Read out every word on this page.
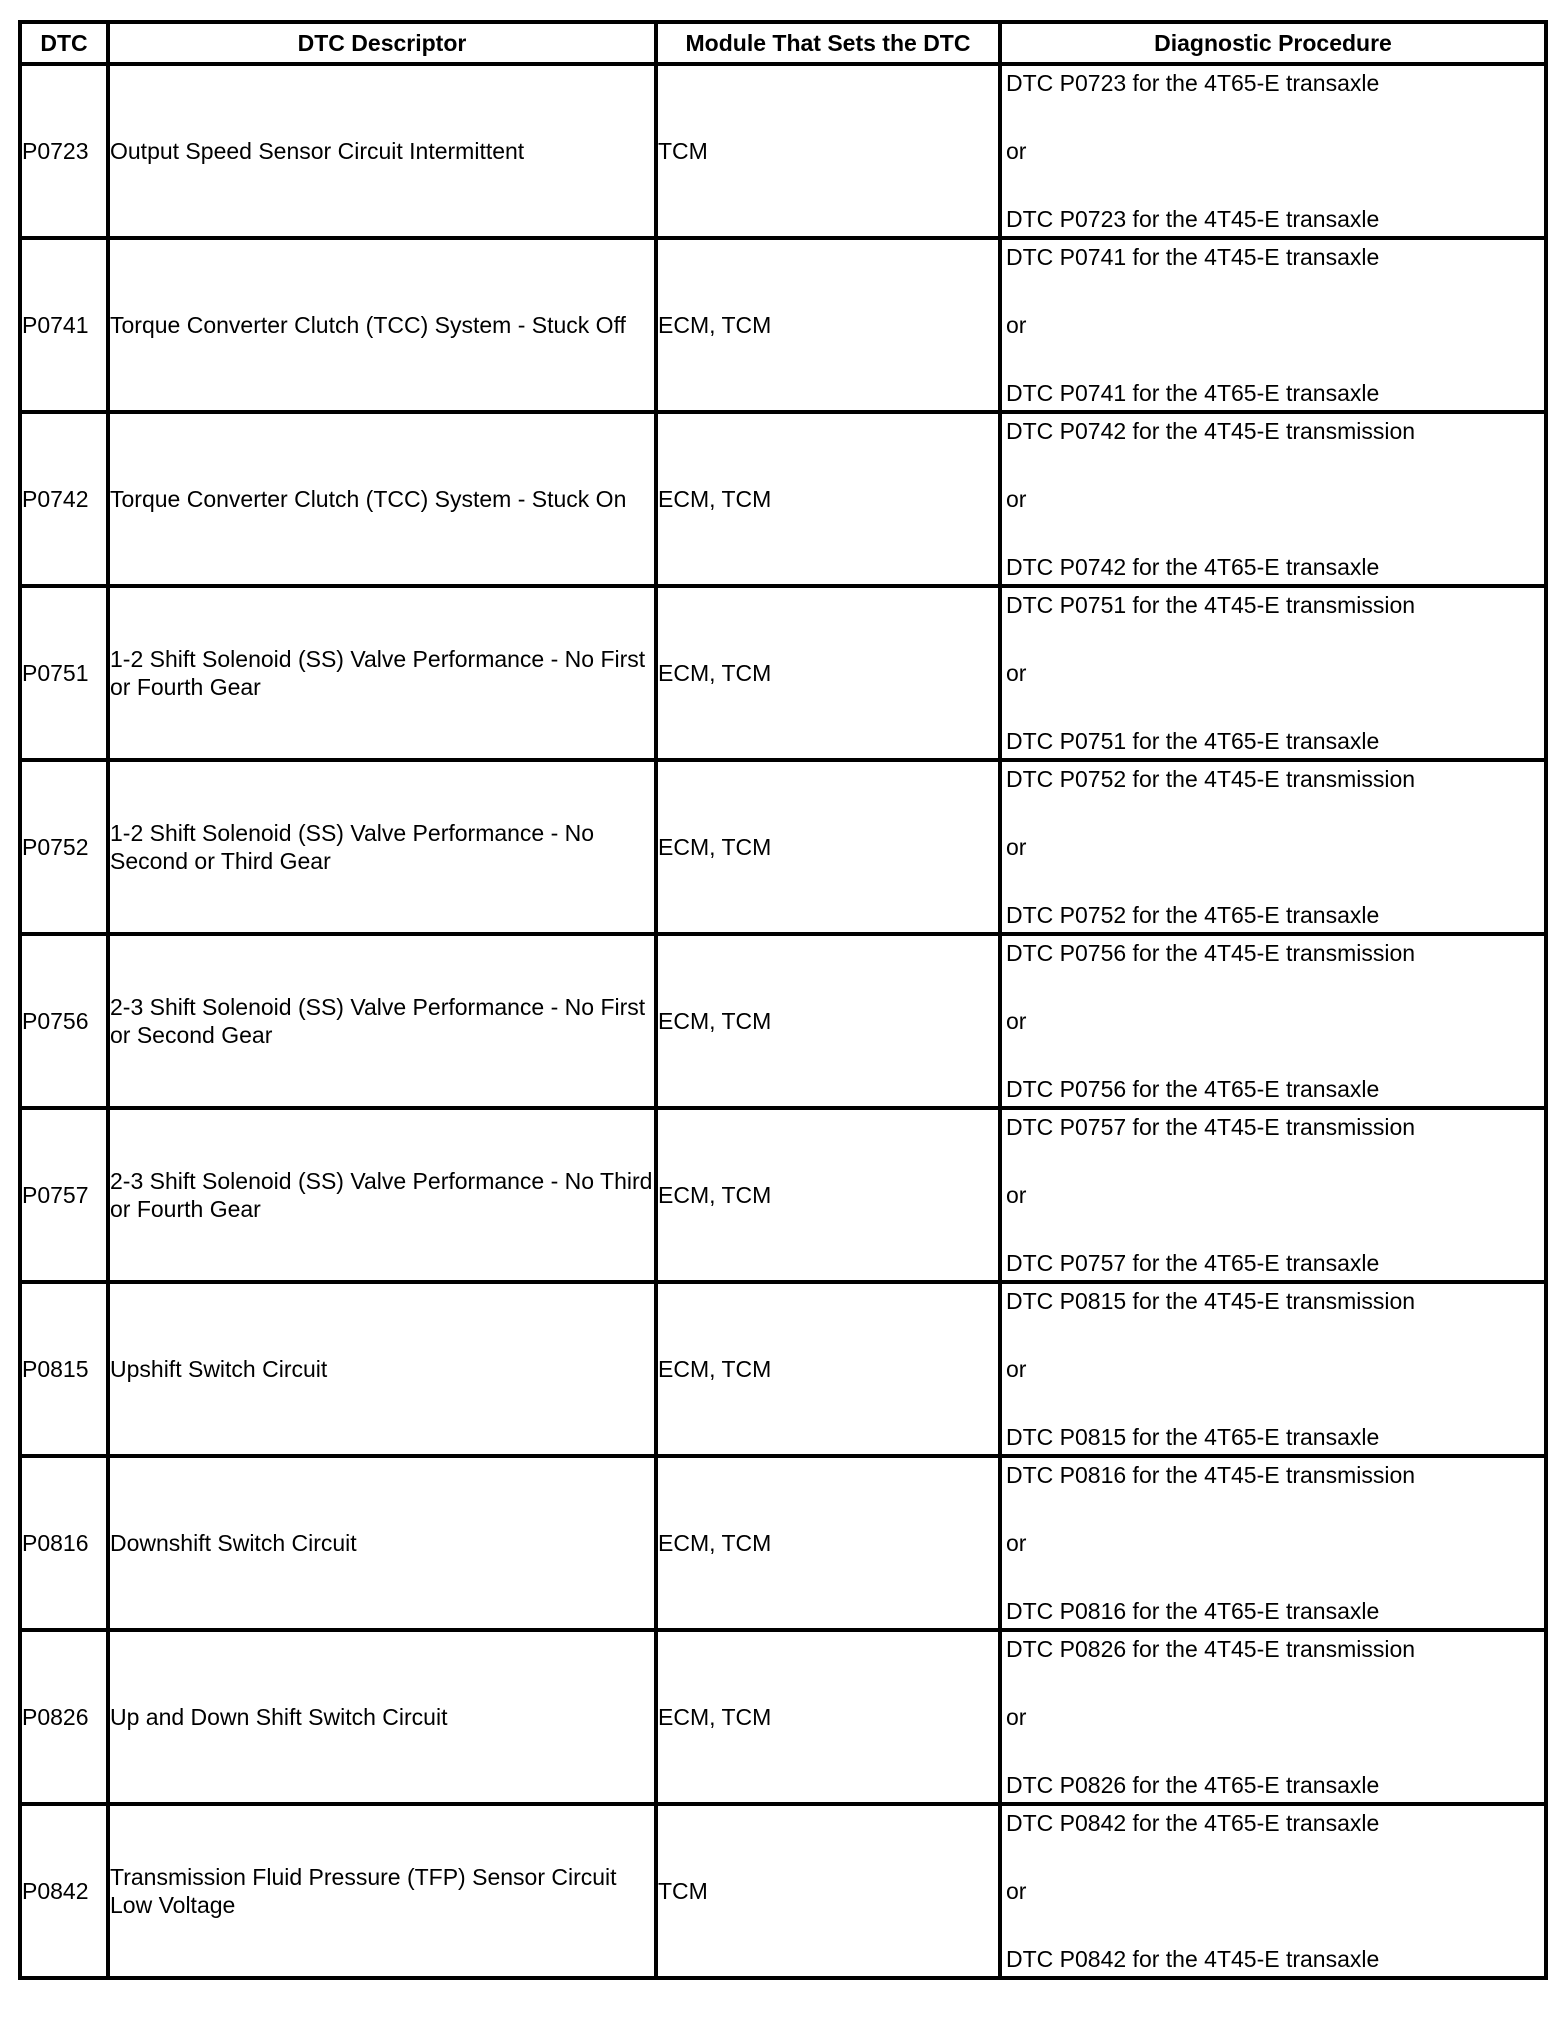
DTC	DTC Descriptor	Module That Sets the DTC	Diagnostic Procedure
P0723	Output Speed Sensor Circuit Intermittent	TCM	DTC P0723 for the 4T65-E transaxle
or
DTC P0723 for the 4T45-E transaxle

P0741	Torque Converter Clutch (TCC) System - Stuck Off	ECM, TCM	DTC P0741 for the 4T45-E transaxle
or
DTC P0741 for the 4T65-E transaxle

P0742	Torque Converter Clutch (TCC) System - Stuck On	ECM, TCM	DTC P0742 for the 4T45-E transmission
or
DTC P0742 for the 4T65-E transaxle

P0751	1-2 Shift Solenoid (SS) Valve Performance - No First or Fourth Gear	ECM, TCM	DTC P0751 for the 4T45-E transmission
or
DTC P0751 for the 4T65-E transaxle

P0752	1-2 Shift Solenoid (SS) Valve Performance - No Second or Third Gear	ECM, TCM	DTC P0752 for the 4T45-E transmission
or
DTC P0752 for the 4T65-E transaxle

P0756	2-3 Shift Solenoid (SS) Valve Performance - No First or Second Gear	ECM, TCM	DTC P0756 for the 4T45-E transmission
or
DTC P0756 for the 4T65-E transaxle

P0757	2-3 Shift Solenoid (SS) Valve Performance - No Third or Fourth Gear	ECM, TCM	DTC P0757 for the 4T45-E transmission
or
DTC P0757 for the 4T65-E transaxle

P0815	Upshift Switch Circuit	ECM, TCM	DTC P0815 for the 4T45-E transmission
or
DTC P0815 for the 4T65-E transaxle

P0816	Downshift Switch Circuit	ECM, TCM	DTC P0816 for the 4T45-E transmission
or
DTC P0816 for the 4T65-E transaxle

P0826	Up and Down Shift Switch Circuit	ECM, TCM	DTC P0826 for the 4T45-E transmission
or
DTC P0826 for the 4T65-E transaxle

P0842	Transmission Fluid Pressure (TFP) Sensor Circuit Low Voltage	TCM	DTC P0842 for the 4T65-E transaxle
or
DTC P0842 for the 4T45-E transaxle
